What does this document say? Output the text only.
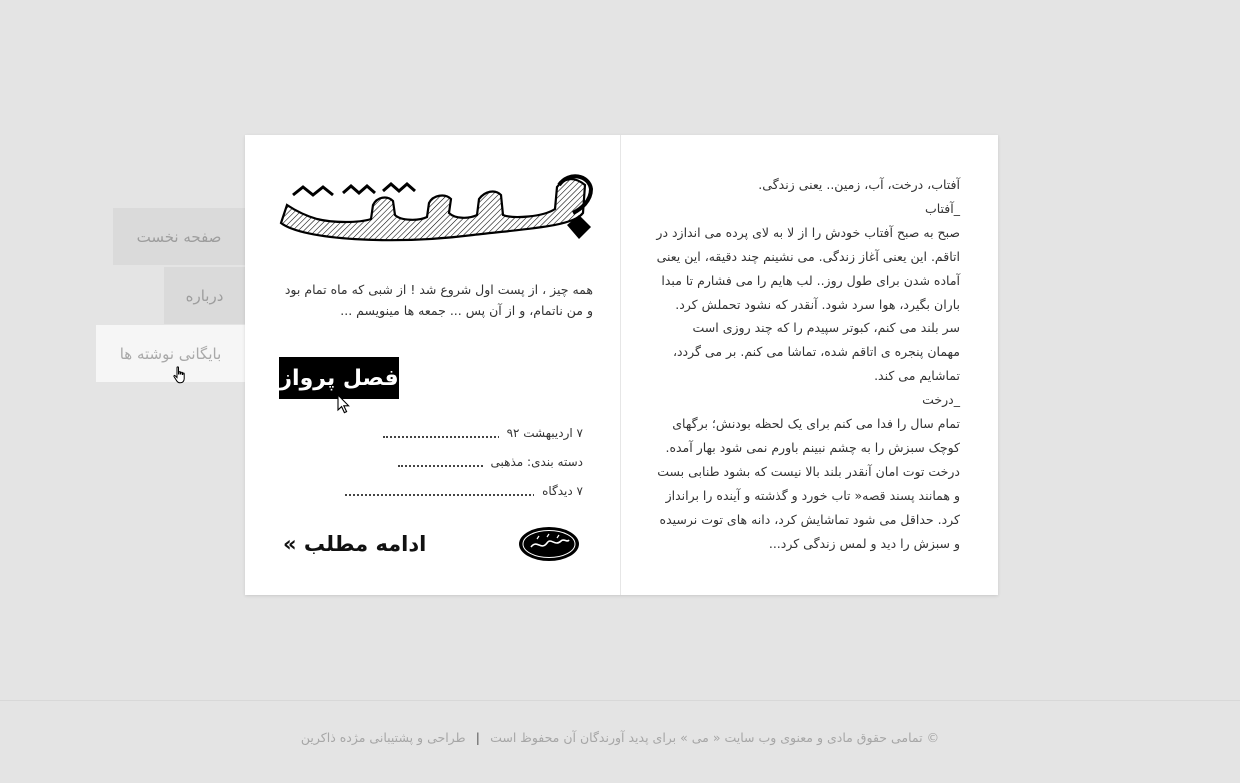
صفحه نخست
درباره
بایگانی نوشته ها
جمعه‌نویسی
همه چیز ، از پست اول شروع شد ! از شبی که ماه تمام بود و من ناتمام، و از آن پس ... جمعه ها مینویسم ...
فصل پرواز
۷ اردیبهشت ۹۲
دسته بندی: مذهبی
۷ دیدگاه
ادامه مطلب »

آفتاب، درخت، آب، زمین.. یعنی زندگی.

_آفتاب

صبح به صبح آفتاب خودش را از لا به لای پرده می اندازد در اتاقم. این یعنی آغاز زندگی. می نشینم چند دقیقه، این یعنی آماده شدن برای طول روز.. لب هایم را می فشارم تا مبدا باران بگیرد، هوا سرد شود. آنقدر که نشود تحملش کرد.

سر بلند می کنم، کبوتر سپیدم را که چند روزی است مهمان پنجره ی اتاقم شده، تماشا می کنم. بر می گردد، تماشایم می کند.

_درخت

تمام سال را فدا می کنم برای یک لحظه بودنش؛ برگهای کوچک سبزش را به چشم نبینم باورم نمی شود بهار آمده. درخت توت امان آنقدر بلند بالا نیست که بشود طنابی بست و همانند پسند قصه« تاب خورد و گذشته و آینده را برانداز کرد. حداقل می شود تماشایش کرد، دانه های توت نرسیده و سبزش را دید و لمس زندگی کرد...

© تمامی حقوق مادی و معنوی وب سایت « می » برای پدید آورندگان آن محفوظ است | طراحی و پشتیبانی مژده ذاکرین
